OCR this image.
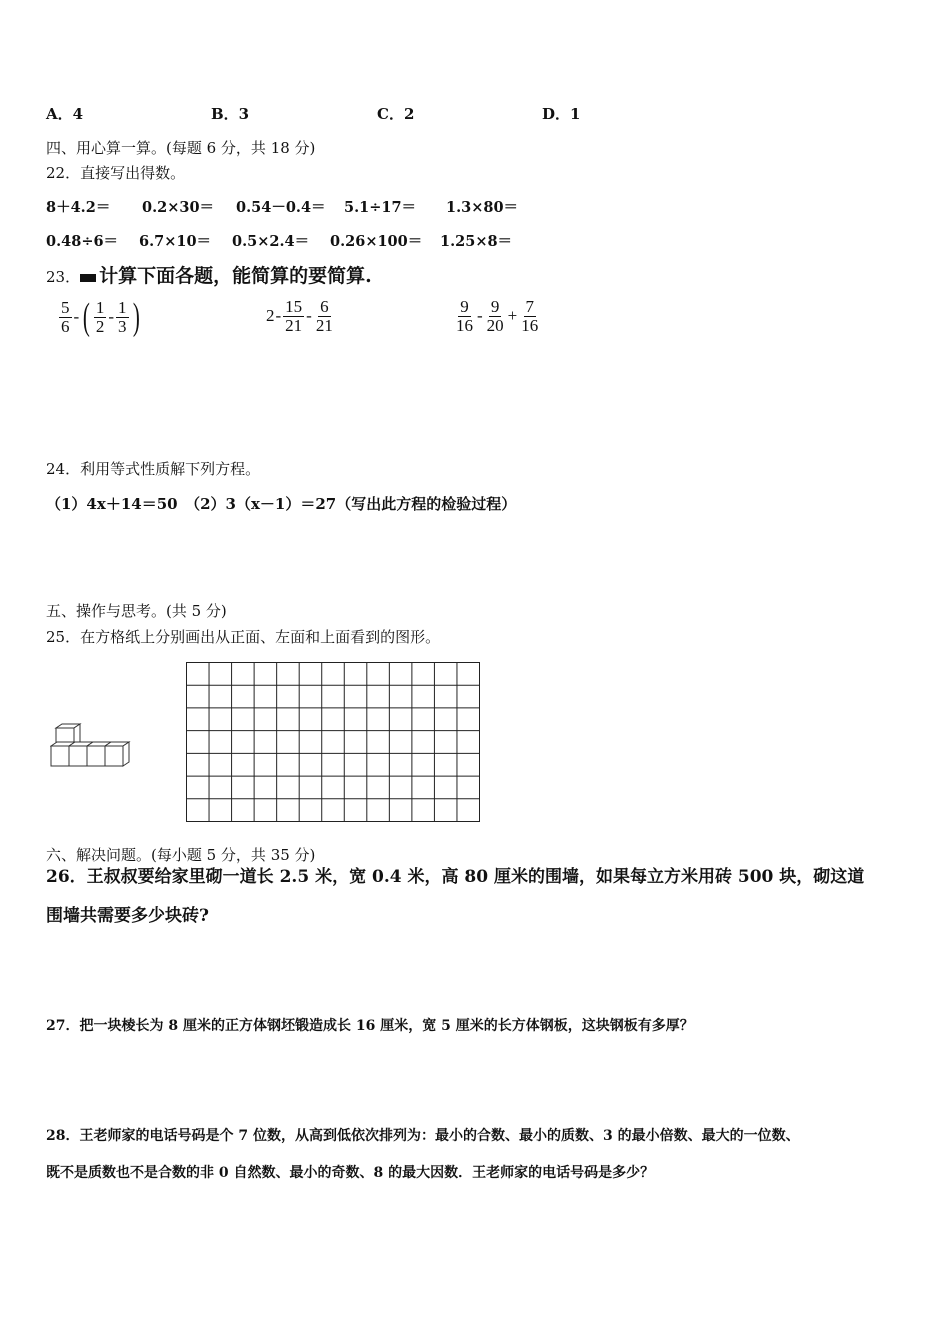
A．4	B．3	C．2	D．1
四、用心算一算。(每题 6 分，共 18 分)
22．直接写出得数。
8＋4.2＝ 0.2×30＝ 0.54－0.4＝ 5.1÷17＝ 1.3×80＝
0.48÷6＝ 6.7×10＝ 0.5×2.4＝ 0.26×100＝ 1.25×8＝
23． 计算下面各题，能简算的要简算.
$\frac{5}{6}$ - ( $\frac{1}{2} - \frac{1}{3}$ )	$2 - \frac{15}{21} - \frac{6}{21}$	$\frac{9}{16} - \frac{9}{20} + \frac{7}{16}$
24．利用等式性质解下列方程。
（1）4x＋14＝50　（2）3（x－1）＝27（写出此方程的检验过程）
五、操作与思考。(共 5 分)
25．在方格纸上分别画出从正面、左面和上面看到的图形。
六、解决问题。(每小题 5 分，共 35 分)
26．王叔叔要给家里砌一道长 2.5 米，宽 0.4 米，高 80 厘米的围墙，如果每立方米用砖 500 块，砌这道
围墙共需要多少块砖?
27．把一块棱长为 8 厘米的正方体钢坯锻造成长 16 厘米，宽 5 厘米的长方体钢板，这块钢板有多厚？
28．王老师家的电话号码是个 7 位数，从高到低依次排列为：最小的合数、最小的质数、3 的最小倍数、最大的一位数、
既不是质数也不是合数的非 0 自然数、最小的奇数、8 的最大因数．王老师家的电话号码是多少？
